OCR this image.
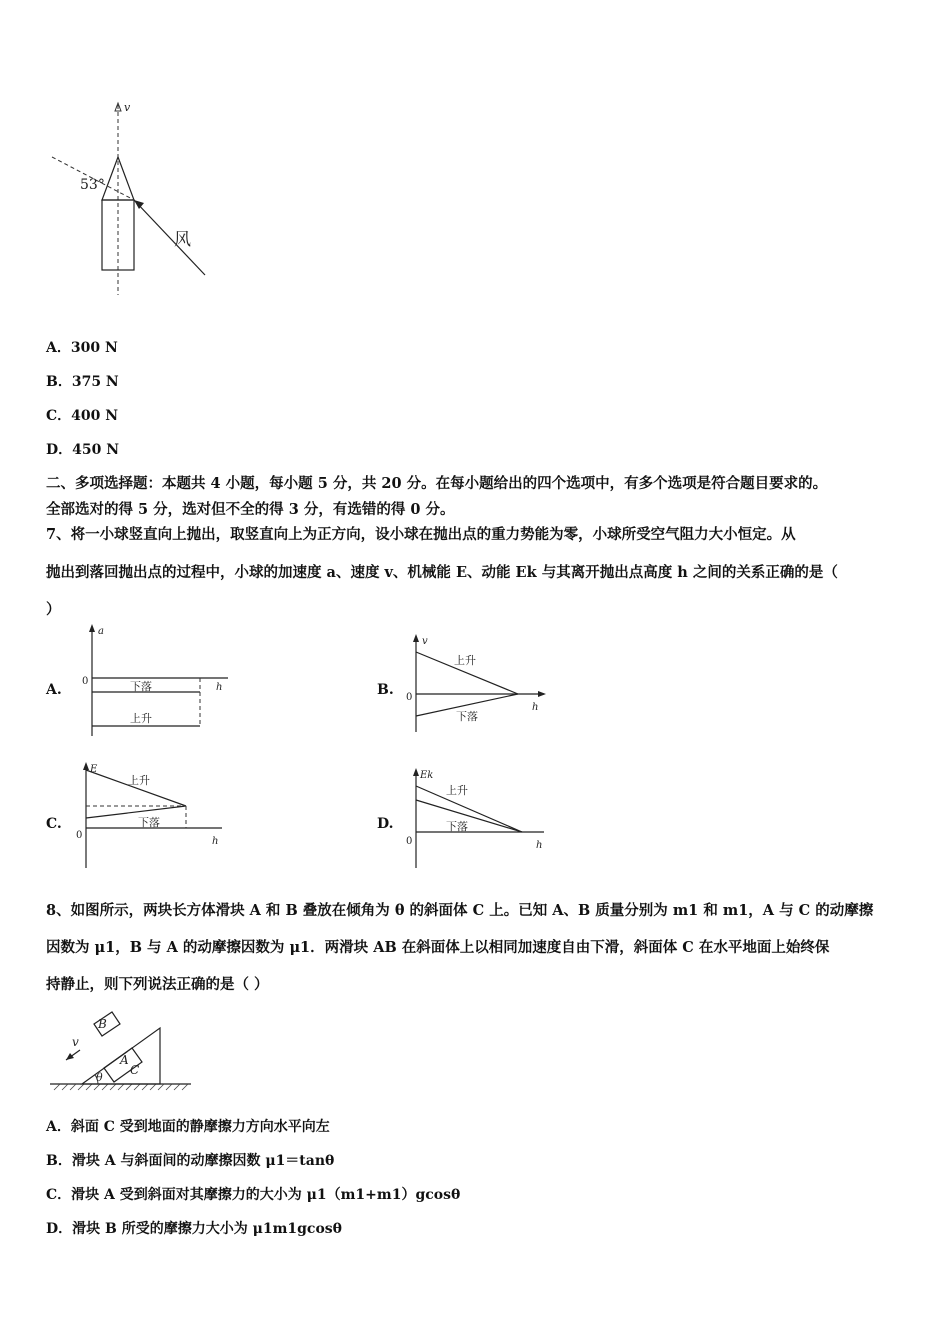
v
53°
风
A．300 N
B．375 N
C．400 N
D．450 N
二、多项选择题：本题共 4 小题，每小题 5 分，共 20 分。在每小题给出的四个选项中，有多个选项是符合题目要求的。
全部选对的得 5 分，选对但不全的得 3 分，有选错的得 0 分。
7、将一小球竖直向上抛出，取竖直向上为正方向，设小球在抛出点的重力势能为零，小球所受空气阻力大小恒定。从
抛出到落回抛出点的过程中，小球的加速度 a、速度 v、机械能 E、动能 Ek 与其离开抛出点高度 h 之间的关系正确的是（
）
A.
a
h
0	下落
上升
B.
v
h
0
上升
下落
C.
E
h
0
上升
下落	D.
Ek
h
0
上升
下落
8、如图所示，两块长方体滑块 A 和 B 叠放在倾角为 θ 的斜面体 C 上。已知 A、B 质量分别为 m1 和 m1，A 与 C 的动摩擦
因数为 μ1，B 与 A 的动摩擦因数为 μ1．两滑块 AB 在斜面体上以相同加速度自由下滑，斜面体 C 在水平地面上始终保
持静止，则下列说法正确的是（ ）
B
A
C
v
θ
A．斜面 C 受到地面的静摩擦力方向水平向左
B．滑块 A 与斜面间的动摩擦因数 μ1＝tanθ
C．滑块 A 受到斜面对其摩擦力的大小为 μ1（m1+m1）gcosθ
D．滑块 B 所受的摩擦力大小为 μ1m1gcosθ
